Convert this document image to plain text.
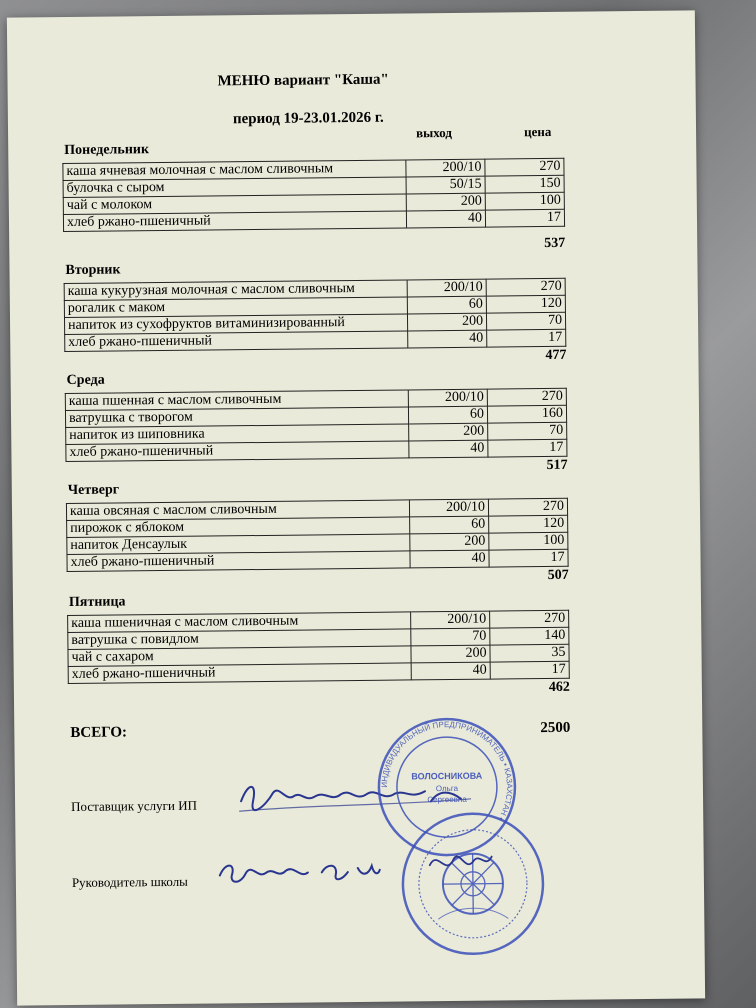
МЕНЮ вариант "Каша"
период 19-23.01.2026 г.
выход	цена
Понедельник
каша ячневая молочная с маслом сливочным	200/10	270
булочка с сыром	50/15	150
чай с молоком	200	100
хлеб ржано-пшеничный	40	17
537
Вторник
каша кукурузная молочная с маслом сливочным	200/10	270
рогалик с маком	60	120
напиток из сухофруктов витаминизированный	200	70
хлеб ржано-пшеничный	40	17
477
Среда
каша пшенная с маслом сливочным	200/10	270
ватрушка с творогом	60	160
напиток из шиповника	200	70
хлеб ржано-пшеничный	40	17
517
Четверг
каша овсяная с маслом сливочным	200/10	270
пирожок с яблоком	60	120
напиток Денсаулык	200	100
хлеб ржано-пшеничный	40	17
507
Пятница
каша пшеничная с маслом сливочным	200/10	270
ватрушка с повидлом	70	140
чай с сахаром	200	35
хлеб ржано-пшеничный	40	17
462
ВСЕГО:	2500
Поставщик услуги ИП
Руководитель школы
ИНДИВИДУАЛЬНЫЙ ПРЕДПРИНИМАТЕЛЬ • КАЗАХСТАН •
ВОЛОСНИКОВА
Ольга
Сергеевна
